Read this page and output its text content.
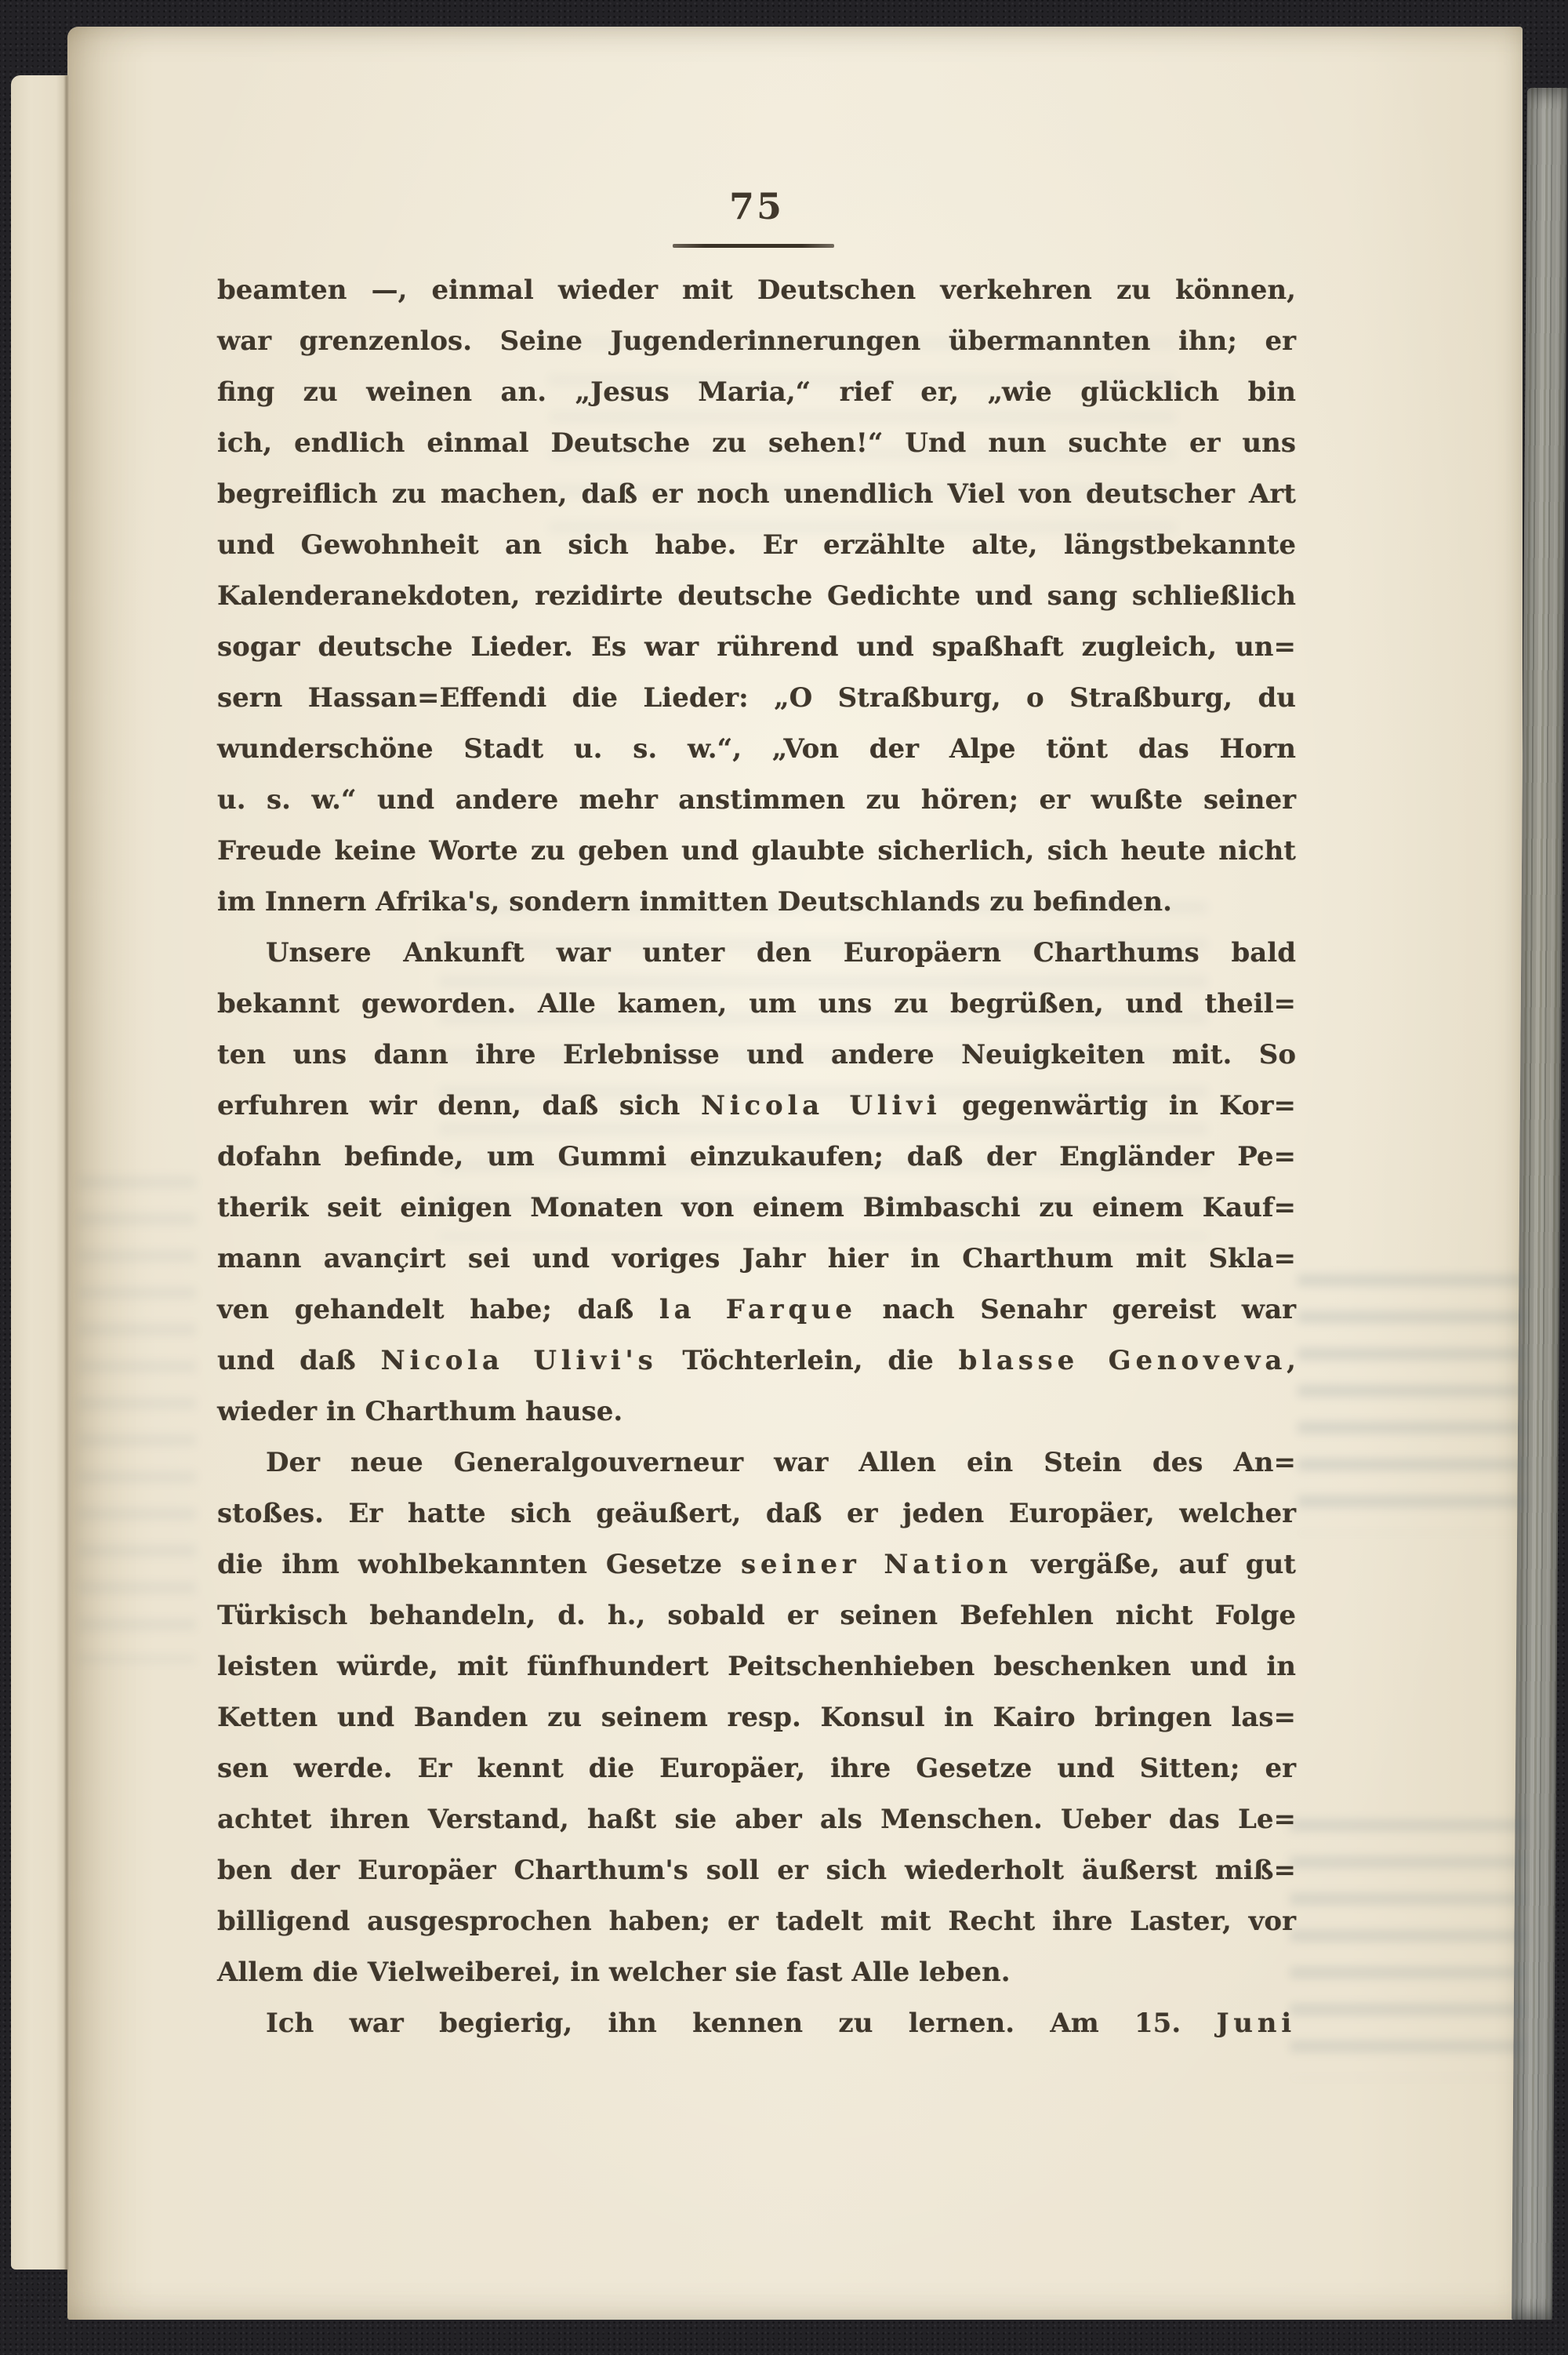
75
beamten —, einmal wieder mit Deutschen verkehren zu können,
war grenzenlos. Seine Jugenderinnerungen übermannten ihn; er
fing zu weinen an. „Jesus Maria,“ rief er, „wie glücklich bin
ich, endlich einmal Deutsche zu sehen!“ Und nun suchte er uns
begreiflich zu machen, daß er noch unendlich Viel von deutscher Art
und Gewohnheit an sich habe. Er erzählte alte, längstbekannte
Kalenderanekdoten, rezidirte deutsche Gedichte und sang schließlich
sogar deutsche Lieder. Es war rührend und spaßhaft zugleich, un=
sern Hassan=Effendi die Lieder: „O Straßburg, o Straßburg, du
wunderschöne Stadt u. s. w.“, „Von der Alpe tönt das Horn
u. s. w.“ und andere mehr anstimmen zu hören; er wußte seiner
Freude keine Worte zu geben und glaubte sicherlich, sich heute nicht
im Innern Afrika's, sondern inmitten Deutschlands zu befinden.
Unsere Ankunft war unter den Europäern Charthums bald
bekannt geworden. Alle kamen, um uns zu begrüßen, und theil=
ten uns dann ihre Erlebnisse und andere Neuigkeiten mit. So
erfuhren wir denn, daß sich Nicola Ulivi gegenwärtig in Kor=
dofahn befinde, um Gummi einzukaufen; daß der Engländer Pe=
therik seit einigen Monaten von einem Bimbaschi zu einem Kauf=
mann avançirt sei und voriges Jahr hier in Charthum mit Skla=
ven gehandelt habe; daß la Farque nach Senahr gereist war
und daß Nicola Ulivi's Töchterlein, die blasse Genoveva,
wieder in Charthum hause.
Der neue Generalgouverneur war Allen ein Stein des An=
stoßes. Er hatte sich geäußert, daß er jeden Europäer, welcher
die ihm wohlbekannten Gesetze seiner Nation vergäße, auf gut
Türkisch behandeln, d. h., sobald er seinen Befehlen nicht Folge
leisten würde, mit fünfhundert Peitschenhieben beschenken und in
Ketten und Banden zu seinem resp. Konsul in Kairo bringen las=
sen werde. Er kennt die Europäer, ihre Gesetze und Sitten; er
achtet ihren Verstand, haßt sie aber als Menschen. Ueber das Le=
ben der Europäer Charthum's soll er sich wiederholt äußerst miß=
billigend ausgesprochen haben; er tadelt mit Recht ihre Laster, vor
Allem die Vielweiberei, in welcher sie fast Alle leben.
Ich war begierig, ihn kennen zu lernen. Am 15. Juni
